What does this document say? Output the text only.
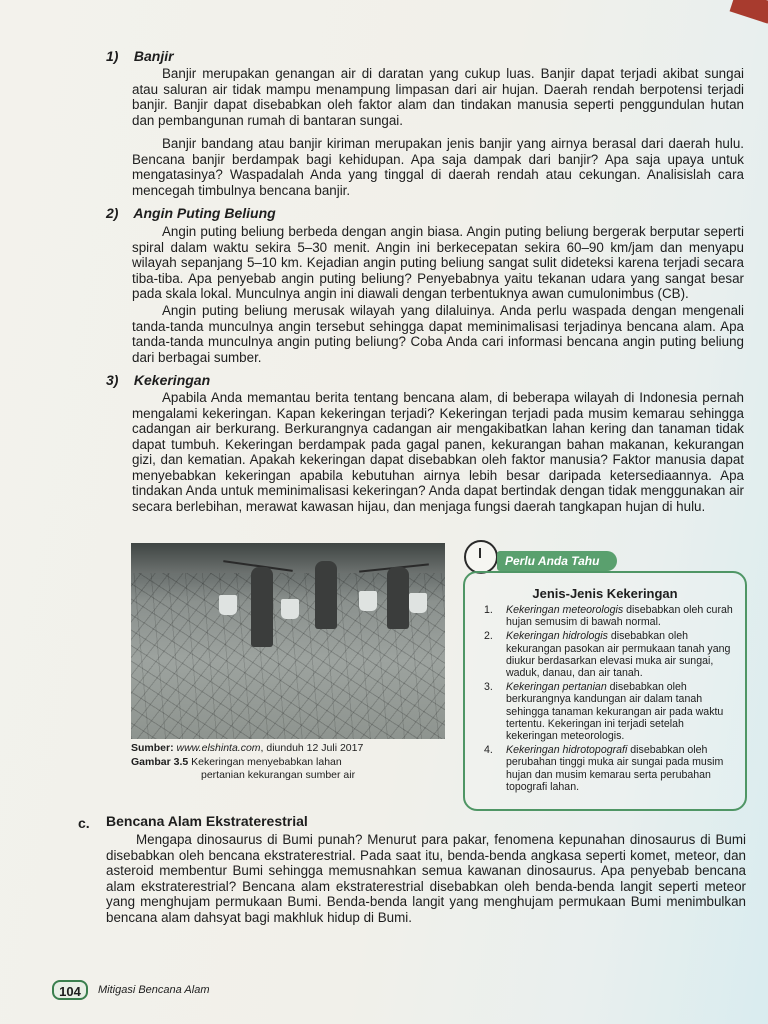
1) Banjir

Banjir merupakan genangan air di daratan yang cukup luas. Banjir dapat terjadi akibat sungai atau saluran air tidak mampu menampung limpasan dari air hujan. Daerah rendah berpotensi terjadi banjir. Banjir dapat disebabkan oleh faktor alam dan tindakan manusia seperti penggundulan hutan dan pembangunan rumah di bantaran sungai.

Banjir bandang atau banjir kiriman merupakan jenis banjir yang airnya berasal dari daerah hulu. Bencana banjir berdampak bagi kehidupan. Apa saja dampak dari banjir? Apa saja upaya untuk mengatasinya? Waspadalah Anda yang tinggal di daerah rendah atau cekungan. Analisislah cara mencegah timbulnya bencana banjir.

2) Angin Puting Beliung

Angin puting beliung berbeda dengan angin biasa. Angin puting beliung bergerak berputar seperti spiral dalam waktu sekira 5–30 menit. Angin ini berkecepatan sekira 60–90 km/jam dan menyapu wilayah sepanjang 5–10 km. Kejadian angin puting beliung sangat sulit dideteksi karena terjadi secara tiba-tiba. Apa penyebab angin puting beliung? Penyebabnya yaitu tekanan udara yang sangat besar pada skala lokal. Munculnya angin ini diawali dengan terbentuknya awan cumulonimbus (CB).

Angin puting beliung merusak wilayah yang dilaluinya. Anda perlu waspada dengan mengenali tanda-tanda munculnya angin tersebut sehingga dapat meminimalisasi terjadinya bencana alam. Apa tanda-tanda munculnya angin puting beliung? Coba Anda cari informasi bencana angin puting beliung dari berbagai sumber.

3) Kekeringan

Apabila Anda memantau berita tentang bencana alam, di beberapa wilayah di Indonesia pernah mengalami kekeringan. Kapan kekeringan terjadi? Kekeringan terjadi pada musim kemarau sehingga cadangan air berkurang. Berkurangnya cadangan air mengakibatkan lahan kering dan tanaman tidak dapat tumbuh. Kekeringan berdampak pada gagal panen, kekurangan bahan makanan, kekurangan gizi, dan kematian. Apakah kekeringan dapat disebabkan oleh faktor manusia? Faktor manusia dapat menyebabkan kekeringan apabila kebutuhan airnya lebih besar daripada ketersediaannya. Apa tindakan Anda untuk meminimalisasi kekeringan? Anda dapat bertindak dengan tidak menggunakan air secara berlebihan, merawat kawasan hijau, dan menjaga fungsi daerah tangkapan hujan di hulu.

Sumber: www.elshinta.com, diunduh 12 Juli 2017
Gambar 3.5 Kekeringan menyebabkan lahan
pertanian kekurangan sumber air
Perlu Anda Tahu
Jenis-Jenis Kekeringan
1. Kekeringan meteorologis disebabkan oleh curah hujan semusim di bawah normal.
2. Kekeringan hidrologis disebabkan oleh kekurangan pasokan air permukaan tanah yang diukur berdasarkan elevasi muka air sungai, waduk, danau, dan air tanah.
3. Kekeringan pertanian disebabkan oleh berkurangnya kandungan air dalam tanah sehingga tanaman kekurangan air pada waktu tertentu. Kekeringan ini terjadi setelah kekeringan meteorologis.
4. Kekeringan hidrotopografi disebabkan oleh perubahan tinggi muka air sungai pada musim hujan dan musim kemarau serta perubahan topografi lahan.
c. Bencana Alam Ekstraterestrial

Mengapa dinosaurus di Bumi punah? Menurut para pakar, fenomena kepunahan dinosaurus di Bumi disebabkan oleh bencana ekstraterestrial. Pada saat itu, benda-benda angkasa seperti komet, meteor, dan asteroid membentur Bumi sehingga memusnahkan semua kawanan dinosaurus. Apa penyebab bencana alam ekstraterestrial? Bencana alam ekstraterestrial disebabkan oleh benda-benda langit seperti meteor yang menghujam permukaan Bumi. Benda-benda langit yang menghujam permukaan Bumi menimbulkan bencana alam dahsyat bagi makhluk hidup di Bumi.

104	Mitigasi Bencana Alam
